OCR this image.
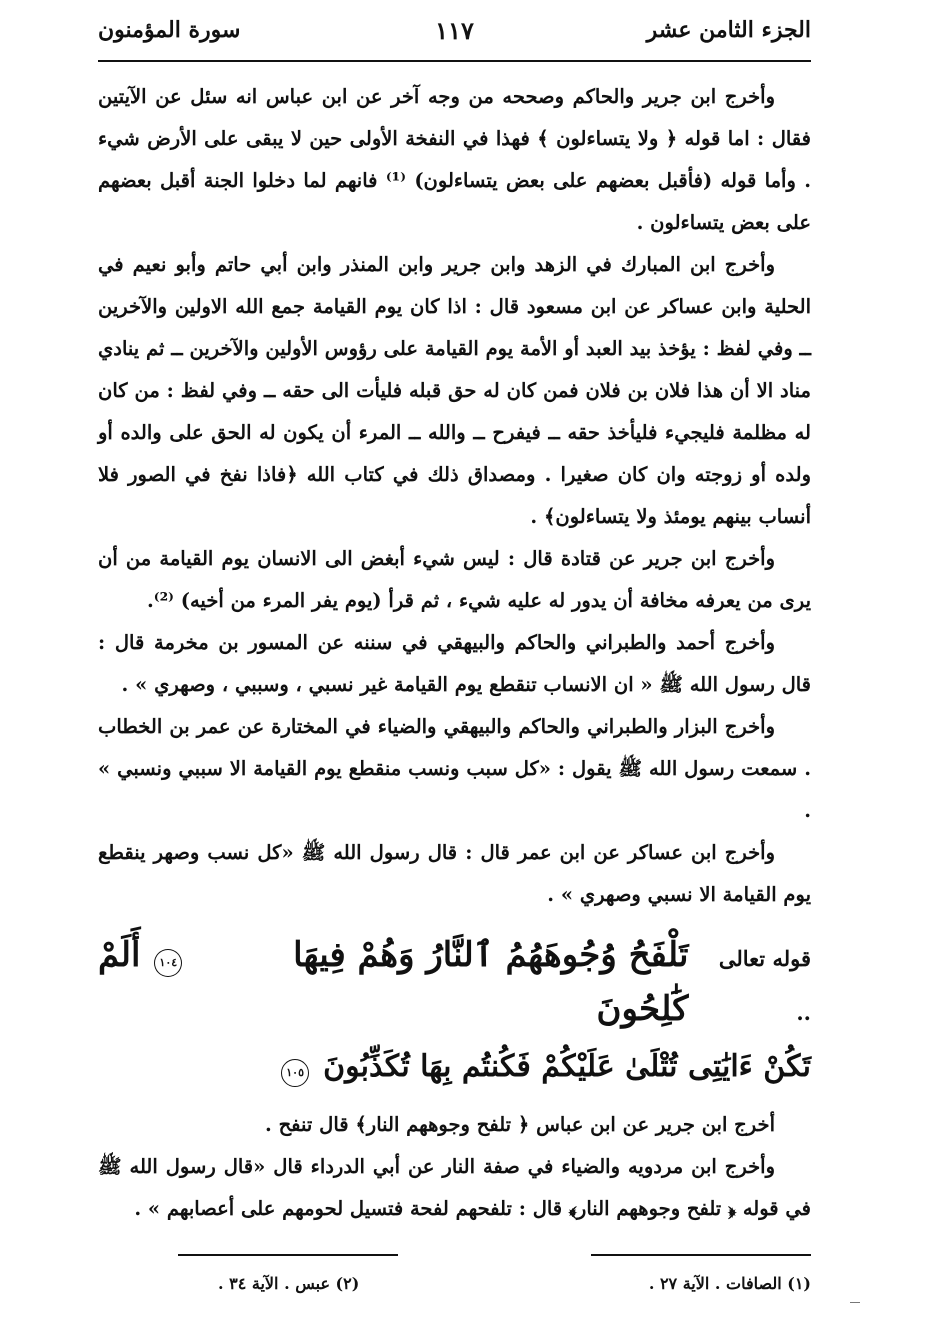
الجزء الثامن عشر
١١٧
سورة المؤمنون

وأخرج ابن جرير والحاكم وصححه من وجه آخر عن ابن عباس انه سئل عن الآيتين فقال : اما قوله ﴿ ولا يتساءلون ﴾ فهذا في النفخة الأولى حين لا يبقى على الأرض شيء . وأما قوله (فأقبل بعضهم على بعض يتساءلون) ⁽¹⁾ فانهم لما دخلوا الجنة أقبل بعضهم على بعض يتساءلون .

وأخرج ابن المبارك في الزهد وابن جرير وابن المنذر وابن أبي حاتم وأبو نعيم في الحلية وابن عساكر عن ابن مسعود قال : اذا كان يوم القيامة جمع الله الاولين والآخرين ــ وفي لفظ : يؤخذ بيد العبد أو الأمة يوم القيامة على رؤوس الأولين والآخرين ــ ثم ينادي مناد الا أن هذا فلان بن فلان فمن كان له حق قبله فليأت الى حقه ــ وفي لفظ : من كان له مظلمة فليجيء فليأخذ حقه ــ فيفرح ــ والله ــ المرء أن يكون له الحق على والده أو ولده أو زوجته وان كان صغيرا . ومصداق ذلك في كتاب الله ﴿فاذا نفخ في الصور فلا أنساب بينهم يومئذ ولا يتساءلون﴾ .

وأخرج ابن جرير عن قتادة قال : ليس شيء أبغض الى الانسان يوم القيامة من أن يرى من يعرفه مخافة أن يدور له عليه شيء ، ثم قرأ (يوم يفر المرء من أخيه) ⁽²⁾.

وأخرج أحمد والطبراني والحاكم والبيهقي في سننه عن المسور بن مخرمة قال : قال رسول الله ﷺ « ان الانساب تنقطع يوم القيامة غير نسبي ، وسببي ، وصهري » .

وأخرج البزار والطبراني والحاكم والبيهقي والضياء في المختارة عن عمر بن الخطاب . سمعت رسول الله ﷺ يقول : «كل سبب ونسب منقطع يوم القيامة الا سببي ونسبي » .

وأخرج ابن عساكر عن ابن عمر قال : قال رسول الله ﷺ «كل نسب وصهر ينقطع يوم القيامة الا نسبي وصهري » .

قوله تعالى ..
تَلْفَحُ وُجُوهَهُمُ ٱلنَّارُ وَهُمْ فِيهَا كَٰلِحُونَ
١٠٤
أَلَمْ
تَكُنْ ءَايَٰتِى تُتْلَىٰ عَلَيْكُمْ فَكُنتُم بِهَا تُكَذِّبُونَ
١٠٥

أخرج ابن جرير عن ابن عباس ﴿ تلفح وجوههم النار﴾ قال تنفح .

وأخرج ابن مردويه والضياء في صفة النار عن أبي الدرداء قال «قال رسول الله ﷺ في قوله ﴿ تلفح وجوههم النار﴾ قال : تلفحهم لفحة فتسيل لحومهم على أعصابهم » .

(١) الصافات . الآية ٢٧ .
(٢) عبس . الآية ٣٤ .
